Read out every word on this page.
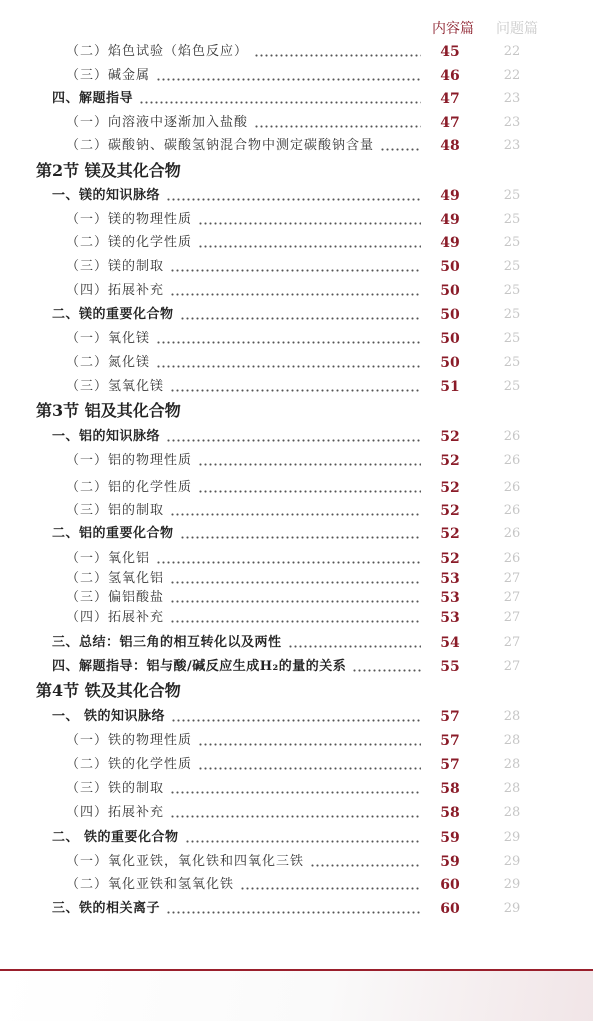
内容篇 问题篇
（二）焰色试验（焰色反应）	45	22
（三）碱金属	46	22
四、解题指导	47	23
（一）向溶液中逐渐加入盐酸	47	23
（二）碳酸钠、碳酸氢钠混合物中测定碳酸钠含量	48	23
第2节 镁及其化合物
一、镁的知识脉络	49	25
（一）镁的物理性质	49	25
（二）镁的化学性质	49	25
（三）镁的制取	50	25
（四）拓展补充	50	25
二、镁的重要化合物	50	25
（一）氧化镁	50	25
（二）氮化镁	50	25
（三）氢氧化镁	51	25
第3节 铝及其化合物
一、铝的知识脉络	52	26
（一）铝的物理性质	52	26
（二）铝的化学性质	52	26
（三）铝的制取	52	26
二、铝的重要化合物	52	26
（一）氧化铝	52	26
（二）氢氧化铝	53	27
（三）偏铝酸盐	53	27
（四）拓展补充	53	27
三、总结：铝三角的相互转化以及两性	54	27
四、解题指导：铝与酸/碱反应生成H₂的量的关系	55	27
第4节 铁及其化合物
一、 铁的知识脉络	57	28
（一）铁的物理性质	57	28
（二）铁的化学性质	57	28
（三）铁的制取	58	28
（四）拓展补充	58	28
二、 铁的重要化合物	59	29
（一）氧化亚铁，氧化铁和四氧化三铁	59	29
（二）氧化亚铁和氢氧化铁	60	29
三、铁的相关离子	60	29
